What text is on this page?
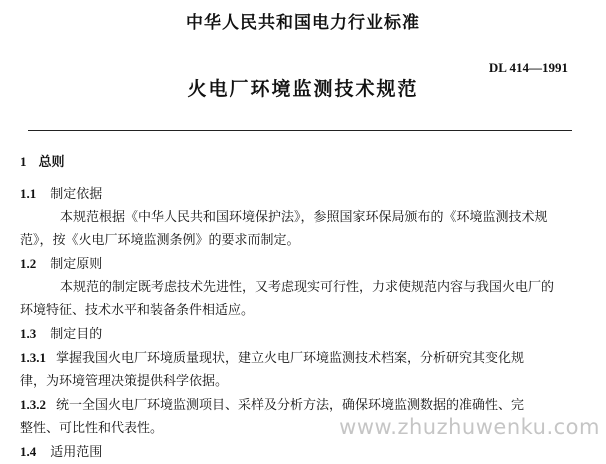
中华人民共和国电力行业标准
DL 414—1991
火电厂环境监测技术规范

1 总则

1.1 制定依据

本规范根据《中华人民共和国环境保护法》，参照国家环保局颁布的《环境监测技术规

范》，按《火电厂环境监测条例》的要求而制定。

1.2 制定原则

本规范的制定既考虑技术先进性，又考虑现实可行性，力求使规范内容与我国火电厂的

环境特征、技术水平和装备条件相适应。

1.3 制定目的

1.3.1 掌握我国火电厂环境质量现状，建立火电厂环境监测技术档案，分析研究其变化规

律，为环境管理决策提供科学依据。

1.3.2 统一全国火电厂环境监测项目、采样及分析方法，确保环境监测数据的准确性、完

整性、可比性和代表性。

1.4 适用范围

www.zhuzhuwenku.com
